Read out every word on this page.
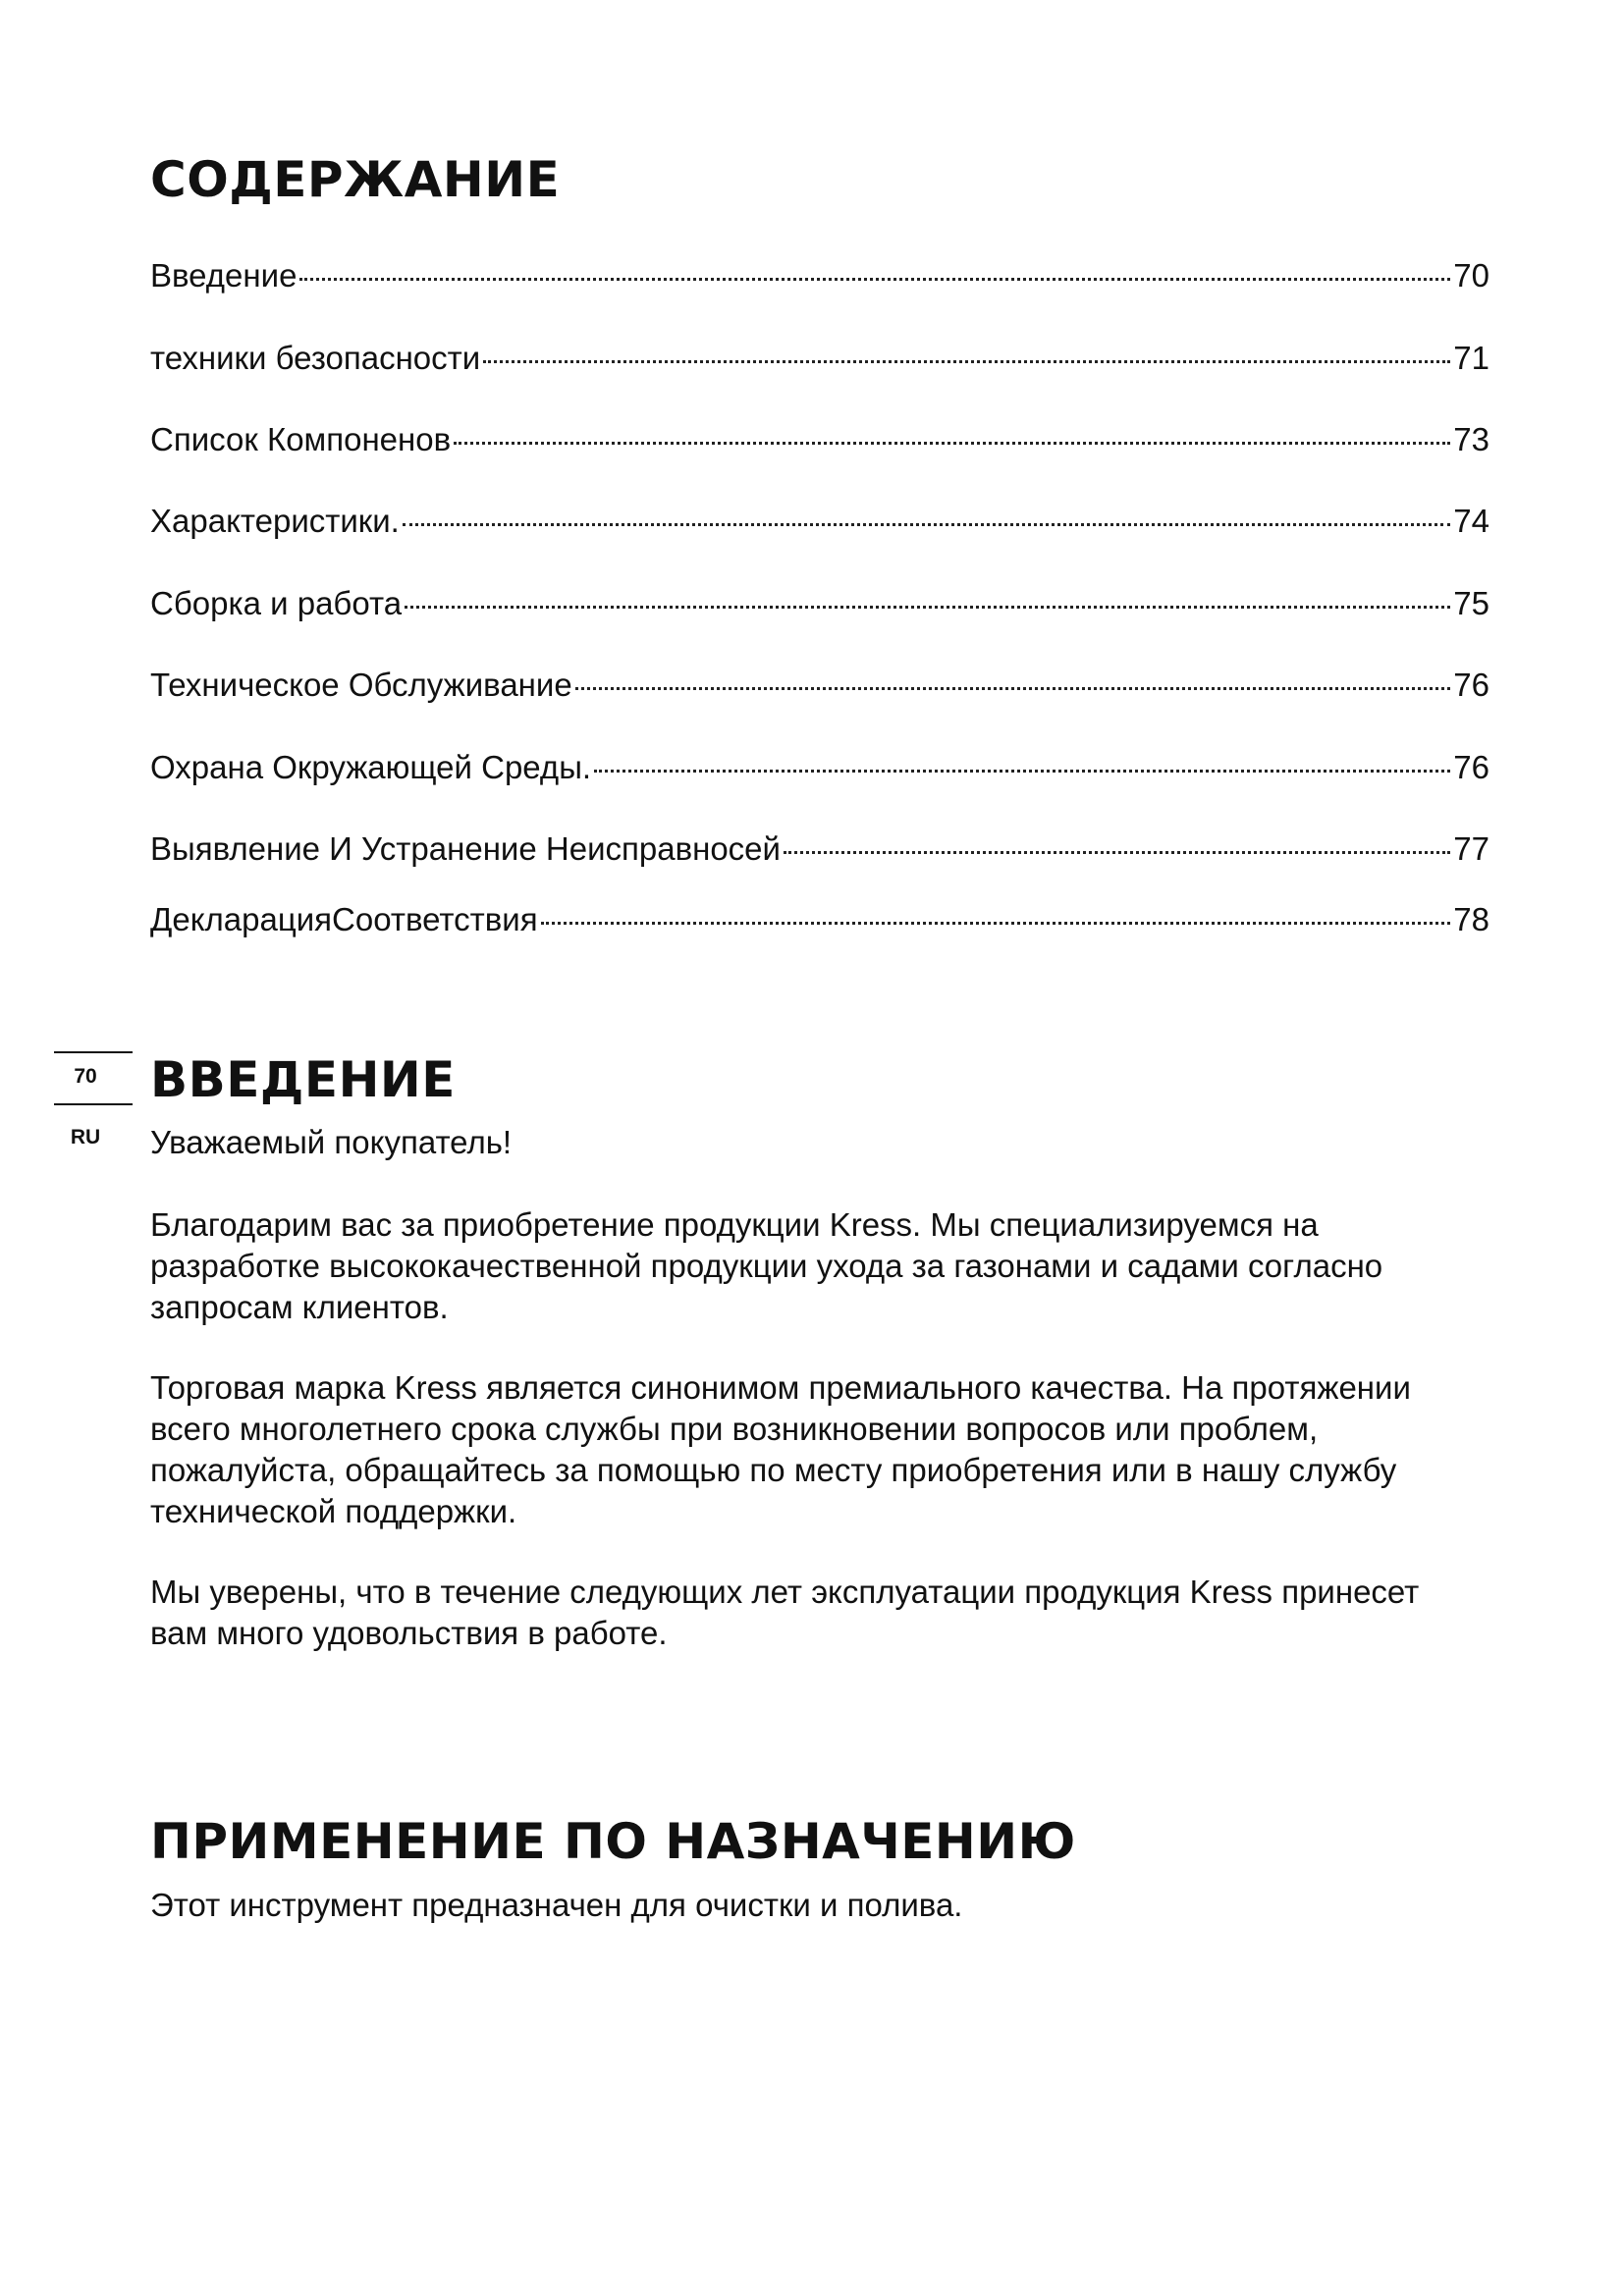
СОДЕРЖАНИЕ
Введение	70
техники безопасности	71
Список Компоненов	73
Характеристики.	74
Сборка и работа	75
Техническое Обслуживание	76
Охрана Окружающей Среды.	76
Выявление И Устранение Неисправносей	77
ДекларацияСоответствия	78
70
RU
ВВЕДЕНИЕ

Уважаемый покупатель!

Благодарим вас за приобретение продукции Kress. Мы специализируемся на разработке высококачественной продукции ухода за газонами и садами согласно запросам клиентов.

Торговая марка Kress является синонимом премиального качества. На протяжении всего многолетнего срока службы при возникновении вопросов или проблем, пожалуйста, обращайтесь за помощью по месту приобретения или в нашу службу технической поддержки.

Мы уверены, что в течение следующих лет эксплуатации продукция Kress принесет вам много удовольствия в работе.

ПРИМЕНЕНИЕ ПО НАЗНАЧЕНИЮ

Этот инструмент предназначен для очистки и полива.
